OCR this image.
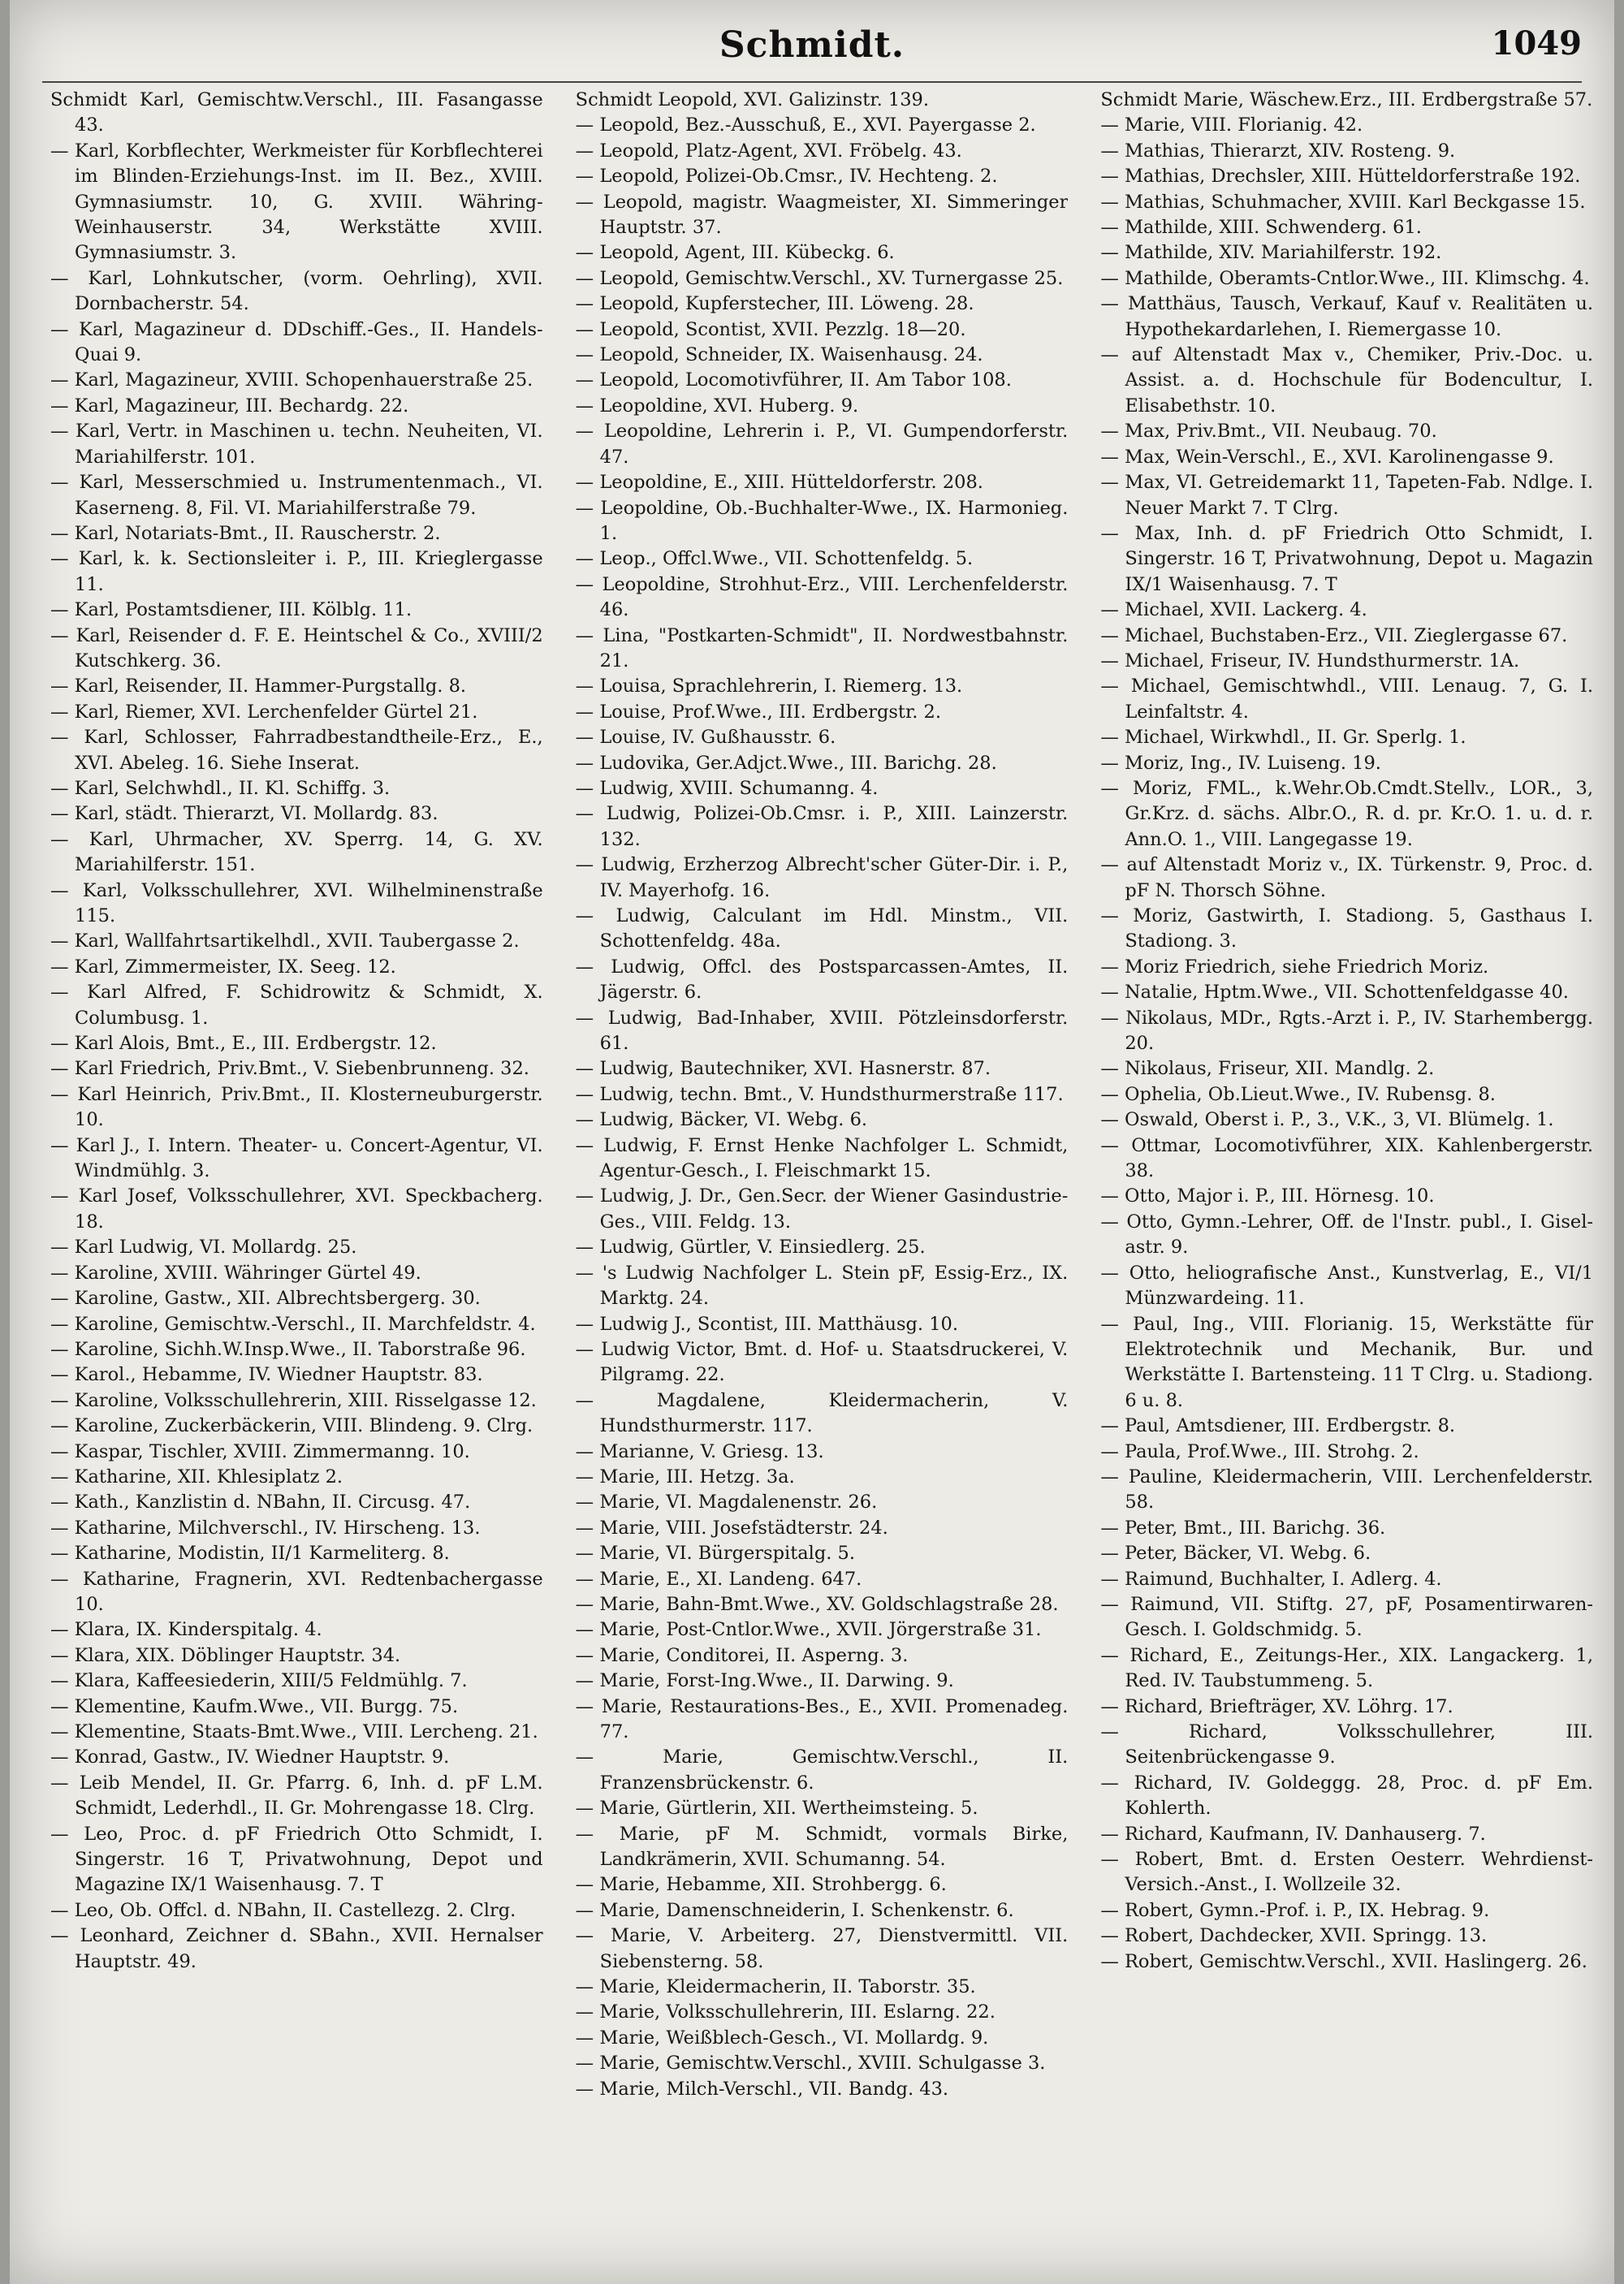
Schmidt.	1049

Schmidt Karl, Gemischtw.Verschl., III. Fasangasse 43.

— Karl, Korbflechter, Werkmeister für Korbflechterei im Blinden-Erziehungs-Inst. im II. Bez., XVIII. Gymnasiumstr. 10, G. XVIII. Währing-Weinhauserstr. 34, Werkstätte XVIII. Gymnasiumstr. 3.

— Karl, Lohnkutscher, (vorm. Oehrling), XVII. Dornbacherstr. 54.

— Karl, Magazineur d. DDschiff.-Ges., II. Handels-Quai 9.

— Karl, Magazineur, XVIII. Schopenhauerstraße 25.

— Karl, Magazineur, III. Bechardg. 22.

— Karl, Vertr. in Maschinen u. techn. Neuheiten, VI. Mariahilferstr. 101.

— Karl, Messerschmied u. Instrumentenmach., VI. Kaserneng. 8, Fil. VI. Mariahilferstraße 79.

— Karl, Notariats-Bmt., II. Rauscherstr. 2.

— Karl, k. k. Sectionsleiter i. P., III. Krieglergasse 11.

— Karl, Postamtsdiener, III. Kölblg. 11.

— Karl, Reisender d. F. E. Heintschel & Co., XVIII/2 Kutschkerg. 36.

— Karl, Reisender, II. Hammer-Purgstallg. 8.

— Karl, Riemer, XVI. Lerchenfelder Gürtel 21.

— Karl, Schlosser, Fahrradbestandtheile-Erz., E., XVI. Abeleg. 16. Siehe Inserat.

— Karl, Selchwhdl., II. Kl. Schiffg. 3.

— Karl, städt. Thierarzt, VI. Mollardg. 83.

— Karl, Uhrmacher, XV. Sperrg. 14, G. XV. Mariahilferstr. 151.

— Karl, Volksschullehrer, XVI. Wilhelminenstraße 115.

— Karl, Wallfahrtsartikelhdl., XVII. Taubergasse 2.

— Karl, Zimmermeister, IX. Seeg. 12.

— Karl Alfred, F. Schidrowitz & Schmidt, X. Columbusg. 1.

— Karl Alois, Bmt., E., III. Erdbergstr. 12.

— Karl Friedrich, Priv.Bmt., V. Siebenbrunneng. 32.

— Karl Heinrich, Priv.Bmt., II. Klosterneuburgerstr. 10.

— Karl J., I. Intern. Theater- u. Concert-Agentur, VI. Windmühlg. 3.

— Karl Josef, Volksschullehrer, XVI. Speckbacherg. 18.

— Karl Ludwig, VI. Mollardg. 25.

— Karoline, XVIII. Währinger Gürtel 49.

— Karoline, Gastw., XII. Albrechtsbergerg. 30.

— Karoline, Gemischtw.-Verschl., II. Marchfeldstr. 4.

— Karoline, Sichh.W.Insp.Wwe., II. Taborstraße 96.

— Karol., Hebamme, IV. Wiedner Hauptstr. 83.

— Karoline, Volksschullehrerin, XIII. Risselgasse 12.

— Karoline, Zuckerbäckerin, VIII. Blindeng. 9. Clrg.

— Kaspar, Tischler, XVIII. Zimmermanng. 10.

— Katharine, XII. Khlesiplatz 2.

— Kath., Kanzlistin d. NBahn, II. Circusg. 47.

— Katharine, Milchverschl., IV. Hirscheng. 13.

— Katharine, Modistin, II/1 Karmeliterg. 8.

— Katharine, Fragnerin, XVI. Redtenbachergasse 10.

— Klara, IX. Kinderspitalg. 4.

— Klara, XIX. Döblinger Hauptstr. 34.

— Klara, Kaffeesiederin, XIII/5 Feldmühlg. 7.

— Klementine, Kaufm.Wwe., VII. Burgg. 75.

— Klementine, Staats-Bmt.Wwe., VIII. Lercheng. 21.

— Konrad, Gastw., IV. Wiedner Hauptstr. 9.

— Leib Mendel, II. Gr. Pfarrg. 6, Inh. d. pF L.M. Schmidt, Lederhdl., II. Gr. Mohrengasse 18. Clrg.

— Leo, Proc. d. pF Friedrich Otto Schmidt, I. Singerstr. 16 T, Privatwohnung, Depot und Magazine IX/1 Waisenhausg. 7. T

— Leo, Ob. Offcl. d. NBahn, II. Castellezg. 2. Clrg.

— Leonhard, Zeichner d. SBahn., XVII. Hernalser Hauptstr. 49.

Schmidt Leopold, XVI. Galizinstr. 139.

— Leopold, Bez.-Ausschuß, E., XVI. Payergasse 2.

— Leopold, Platz-Agent, XVI. Fröbelg. 43.

— Leopold, Polizei-Ob.Cmsr., IV. Hechteng. 2.

— Leopold, magistr. Waagmeister, XI. Simmeringer Hauptstr. 37.

— Leopold, Agent, III. Kübeckg. 6.

— Leopold, Gemischtw.Verschl., XV. Turnergasse 25.

— Leopold, Kupferstecher, III. Löweng. 28.

— Leopold, Scontist, XVII. Pezzlg. 18—20.

— Leopold, Schneider, IX. Waisenhausg. 24.

— Leopold, Locomotivführer, II. Am Tabor 108.

— Leopoldine, XVI. Huberg. 9.

— Leopoldine, Lehrerin i. P., VI. Gumpendorferstr. 47.

— Leopoldine, E., XIII. Hütteldorferstr. 208.

— Leopoldine, Ob.-Buchhalter-Wwe., IX. Harmonieg. 1.

— Leop., Offcl.Wwe., VII. Schottenfeldg. 5.

— Leopoldine, Strohhut-Erz., VIII. Lerchenfelderstr. 46.

— Lina, "Postkarten-Schmidt", II. Nordwestbahnstr. 21.

— Louisa, Sprachlehrerin, I. Riemerg. 13.

— Louise, Prof.Wwe., III. Erdbergstr. 2.

— Louise, IV. Gußhausstr. 6.

— Ludovika, Ger.Adjct.Wwe., III. Barichg. 28.

— Ludwig, XVIII. Schumanng. 4.

— Ludwig, Polizei-Ob.Cmsr. i. P., XIII. Lainzerstr. 132.

— Ludwig, Erzherzog Albrecht'scher Güter-Dir. i. P., IV. Mayerhofg. 16.

— Ludwig, Calculant im Hdl. Minstm., VII. Schottenfeldg. 48a.

— Ludwig, Offcl. des Postsparcassen-Amtes, II. Jägerstr. 6.

— Ludwig, Bad-Inhaber, XVIII. Pötzleinsdorferstr. 61.

— Ludwig, Bautechniker, XVI. Hasnerstr. 87.

— Ludwig, techn. Bmt., V. Hundsthurmerstraße 117.

— Ludwig, Bäcker, VI. Webg. 6.

— Ludwig, F. Ernst Henke Nachfolger L. Schmidt, Agentur-Gesch., I. Fleischmarkt 15.

— Ludwig, J. Dr., Gen.Secr. der Wiener Gasindustrie-Ges., VIII. Feldg. 13.

— Ludwig, Gürtler, V. Einsiedlerg. 25.

— 's Ludwig Nachfolger L. Stein pF, Essig-Erz., IX. Marktg. 24.

— Ludwig J., Scontist, III. Matthäusg. 10.

— Ludwig Victor, Bmt. d. Hof- u. Staatsdruckerei, V. Pilgramg. 22.

— Magdalene, Kleidermacherin, V. Hundsthurmerstr. 117.

— Marianne, V. Griesg. 13.

— Marie, III. Hetzg. 3a.

— Marie, VI. Magdalenenstr. 26.

— Marie, VIII. Josefstädterstr. 24.

— Marie, VI. Bürgerspitalg. 5.

— Marie, E., XI. Landeng. 647.

— Marie, Bahn-Bmt.Wwe., XV. Goldschlagstraße 28.

— Marie, Post-Cntlor.Wwe., XVII. Jörgerstraße 31.

— Marie, Conditorei, II. Asperng. 3.

— Marie, Forst-Ing.Wwe., II. Darwing. 9.

— Marie, Restaurations-Bes., E., XVII. Promenadeg. 77.

— Marie, Gemischtw.Verschl., II. Franzensbrückenstr. 6.

— Marie, Gürtlerin, XII. Wertheimsteing. 5.

— Marie, pF M. Schmidt, vormals Birke, Landkrämerin, XVII. Schumanng. 54.

— Marie, Hebamme, XII. Strohbergg. 6.

— Marie, Damenschneiderin, I. Schenkenstr. 6.

— Marie, V. Arbeiterg. 27, Dienstvermittl. VII. Siebensterng. 58.

— Marie, Kleidermacherin, II. Taborstr. 35.

— Marie, Volksschullehrerin, III. Eslarng. 22.

— Marie, Weißblech-Gesch., VI. Mollardg. 9.

— Marie, Gemischtw.Verschl., XVIII. Schulgasse 3.

— Marie, Milch-Verschl., VII. Bandg. 43.

Schmidt Marie, Wäschew.Erz., III. Erdbergstraße 57.

— Marie, VIII. Florianig. 42.

— Mathias, Thierarzt, XIV. Rosteng. 9.

— Mathias, Drechsler, XIII. Hütteldorferstraße 192.

— Mathias, Schuhmacher, XVIII. Karl Beckgasse 15.

— Mathilde, XIII. Schwenderg. 61.

— Mathilde, XIV. Mariahilferstr. 192.

— Mathilde, Oberamts-Cntlor.Wwe., III. Klimschg. 4.

— Matthäus, Tausch, Verkauf, Kauf v. Realitäten u. Hypothekardarlehen, I. Riemergasse 10.

— auf Altenstadt Max v., Chemiker, Priv.-Doc. u. Assist. a. d. Hochschule für Bodencultur, I. Elisabethstr. 10.

— Max, Priv.Bmt., VII. Neubaug. 70.

— Max, Wein-Verschl., E., XVI. Karolinengasse 9.

— Max, VI. Getreidemarkt 11, Tapeten-Fab. Ndlge. I. Neuer Markt 7. T Clrg.

— Max, Inh. d. pF Friedrich Otto Schmidt, I. Singerstr. 16 T, Privatwohnung, Depot u. Magazin IX/1 Waisenhausg. 7. T

— Michael, XVII. Lackerg. 4.

— Michael, Buchstaben-Erz., VII. Zieglergasse 67.

— Michael, Friseur, IV. Hundsthurmerstr. 1A.

— Michael, Gemischtwhdl., VIII. Lenaug. 7, G. I. Leinfaltstr. 4.

— Michael, Wirkwhdl., II. Gr. Sperlg. 1.

— Moriz, Ing., IV. Luiseng. 19.

— Moriz, FML., k.Wehr.Ob.Cmdt.Stellv., LOR., 3, Gr.Krz. d. sächs. Albr.O., R. d. pr. Kr.O. 1. u. d. r. Ann.O. 1., VIII. Langegasse 19.

— auf Altenstadt Moriz v., IX. Türkenstr. 9, Proc. d. pF N. Thorsch Söhne.

— Moriz, Gastwirth, I. Stadiong. 5, Gasthaus I. Stadiong. 3.

— Moriz Friedrich, siehe Friedrich Moriz.

— Natalie, Hptm.Wwe., VII. Schottenfeldgasse 40.

— Nikolaus, MDr., Rgts.-Arzt i. P., IV. Starhembergg. 20.

— Nikolaus, Friseur, XII. Mandlg. 2.

— Ophelia, Ob.Lieut.Wwe., IV. Rubensg. 8.

— Oswald, Oberst i. P., 3., V.K., 3, VI. Blümelg. 1.

— Ottmar, Locomotivführer, XIX. Kahlenbergerstr. 38.

— Otto, Major i. P., III. Hörnesg. 10.

— Otto, Gymn.-Lehrer, Off. de l'Instr. publ., I. Giselastr. 9.

— Otto, heliografische Anst., Kunstverlag, E., VI/1 Münzwardeing. 11.

— Paul, Ing., VIII. Florianig. 15, Werkstätte für Elektrotechnik und Mechanik, Bur. und Werkstätte I. Bartensteing. 11 T Clrg. u. Stadiong. 6 u. 8.

— Paul, Amtsdiener, III. Erdbergstr. 8.

— Paula, Prof.Wwe., III. Strohg. 2.

— Pauline, Kleidermacherin, VIII. Lerchenfelderstr. 58.

— Peter, Bmt., III. Barichg. 36.

— Peter, Bäcker, VI. Webg. 6.

— Raimund, Buchhalter, I. Adlerg. 4.

— Raimund, VII. Stiftg. 27, pF, Posamentirwaren-Gesch. I. Goldschmidg. 5.

— Richard, E., Zeitungs-Her., XIX. Langackerg. 1, Red. IV. Taubstummeng. 5.

— Richard, Briefträger, XV. Löhrg. 17.

— Richard, Volksschullehrer, III. Seitenbrückengasse 9.

— Richard, IV. Goldeggg. 28, Proc. d. pF Em. Kohlerth.

— Richard, Kaufmann, IV. Danhauserg. 7.

— Robert, Bmt. d. Ersten Oesterr. Wehrdienst-Versich.-Anst., I. Wollzeile 32.

— Robert, Gymn.-Prof. i. P., IX. Hebrag. 9.

— Robert, Dachdecker, XVII. Springg. 13.

— Robert, Gemischtw.Verschl., XVII. Haslingerg. 26.
